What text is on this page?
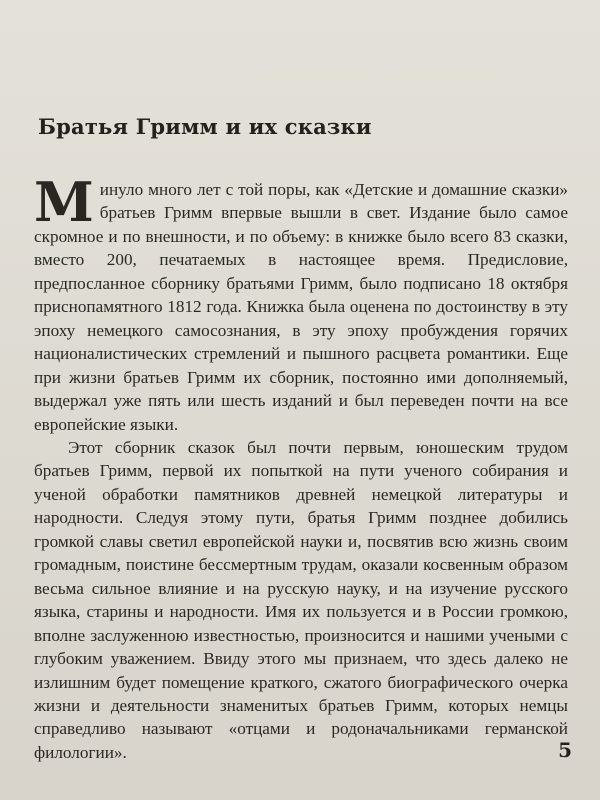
Братья Гримм и их сказки

Минуло много лет с той поры, как «Детские и домашние сказки» братьев Гримм впервые вышли в свет. Издание было самое скромное и по внешности, и по объему: в книжке было всего 83 сказки, вместо 200, печатаемых в настоящее время. Предисловие, предпосланное сборнику братьями Гримм, было подписано 18 октября приснопамятного 1812 года. Книжка была оценена по достоинству в эту эпоху немецкого самосознания, в эту эпоху пробуждения горячих националистических стремлений и пышного расцвета романтики. Еще при жизни братьев Гримм их сборник, постоянно ими дополняемый, выдержал уже пять или шесть изданий и был переведен почти на все европейские языки.

Этот сборник сказок был почти первым, юношеским трудом братьев Гримм, первой их попыткой на пути ученого собирания и ученой обработки памятников древней немецкой литературы и народности. Следуя этому пути, братья Гримм позднее добились громкой славы светил европейской науки и, посвятив всю жизнь своим громадным, поистине бессмертным трудам, оказали косвенным образом весьма сильное влияние и на русскую науку, и на изучение русского языка, старины и народности. Имя их пользуется и в России громкою, вполне заслуженною известностью, произносится и нашими учеными с глубоким уважением. Ввиду этого мы признаем, что здесь далеко не излишним будет помещение краткого, сжатого биографического очерка жизни и деятельности знаменитых братьев Гримм, которых немцы справедливо называют «отцами и родоначальниками германской филологии».	5
